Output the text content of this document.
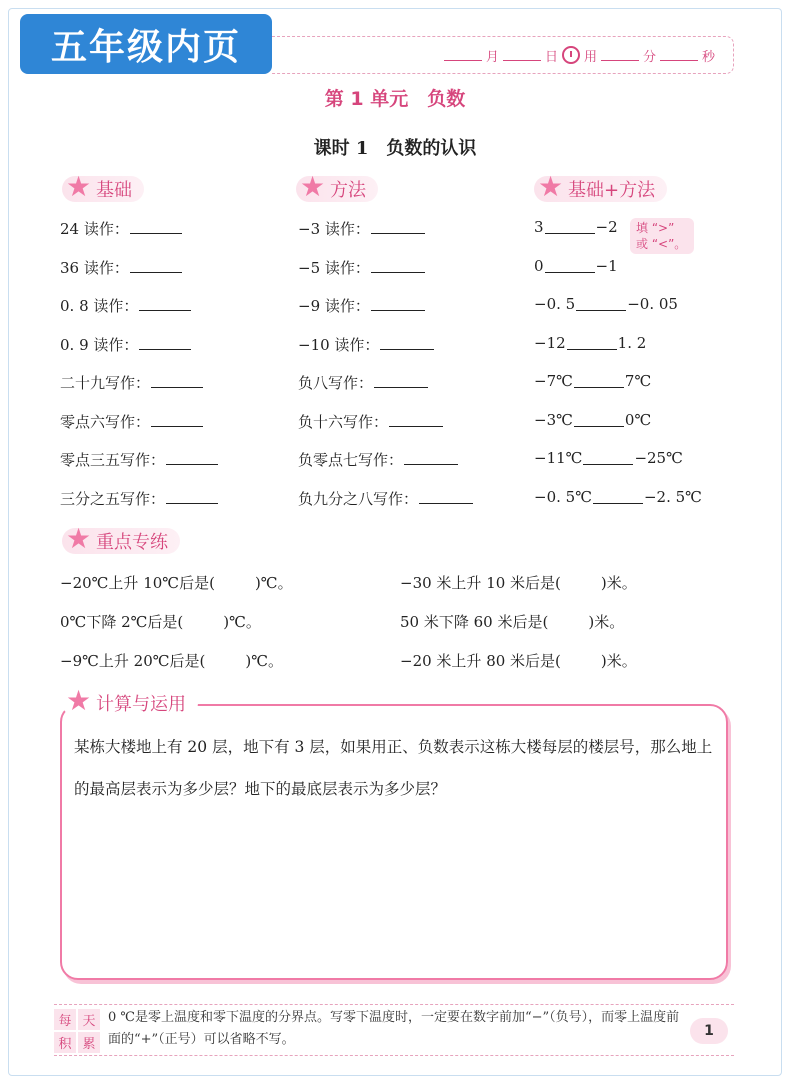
五年级内页	月	日 用	分	秒
第 1 单元　负数
课时 1　负数的认识
★ 基础	★ 方法	★ 基础+方法
24 读作：
36 读作：
0. 8 读作：
0. 9 读作：
二十九写作：
零点六写作：
零点三五写作：
三分之五写作：
−3 读作：
−5 读作：
−9 读作：
−10 读作：
负八写作：
负十六写作：
负零点七写作：
负九分之八写作：
3	−2
0	−1
−0. 5	−0. 05
−12	1. 2
−7℃	7℃
−3℃	0℃
−11℃	−25℃
−0. 5℃	−2. 5℃
填 “>”
或 “<”。
★ 重点专练
−20℃上升 10℃后是(	)℃。
0℃下降 2℃后是(	)℃。
−9℃上升 20℃后是(	)℃。
−30 米上升 10 米后是(	)米。
50 米下降 60 米后是(	)米。
−20 米上升 80 米后是(	)米。
某栋大楼地上有 20 层，地下有 3 层，如果用正、负数表示这栋大楼每层的楼层号，那么地上的最高层表示为多少层？地下的最底层表示为多少层？
★ 计算与运用
每 天
积 累
0 ℃是零上温度和零下温度的分界点。写零下温度时，一定要在数字前加“−”（负号），而零上温度前面的“+”（正号）可以省略不写。
1
